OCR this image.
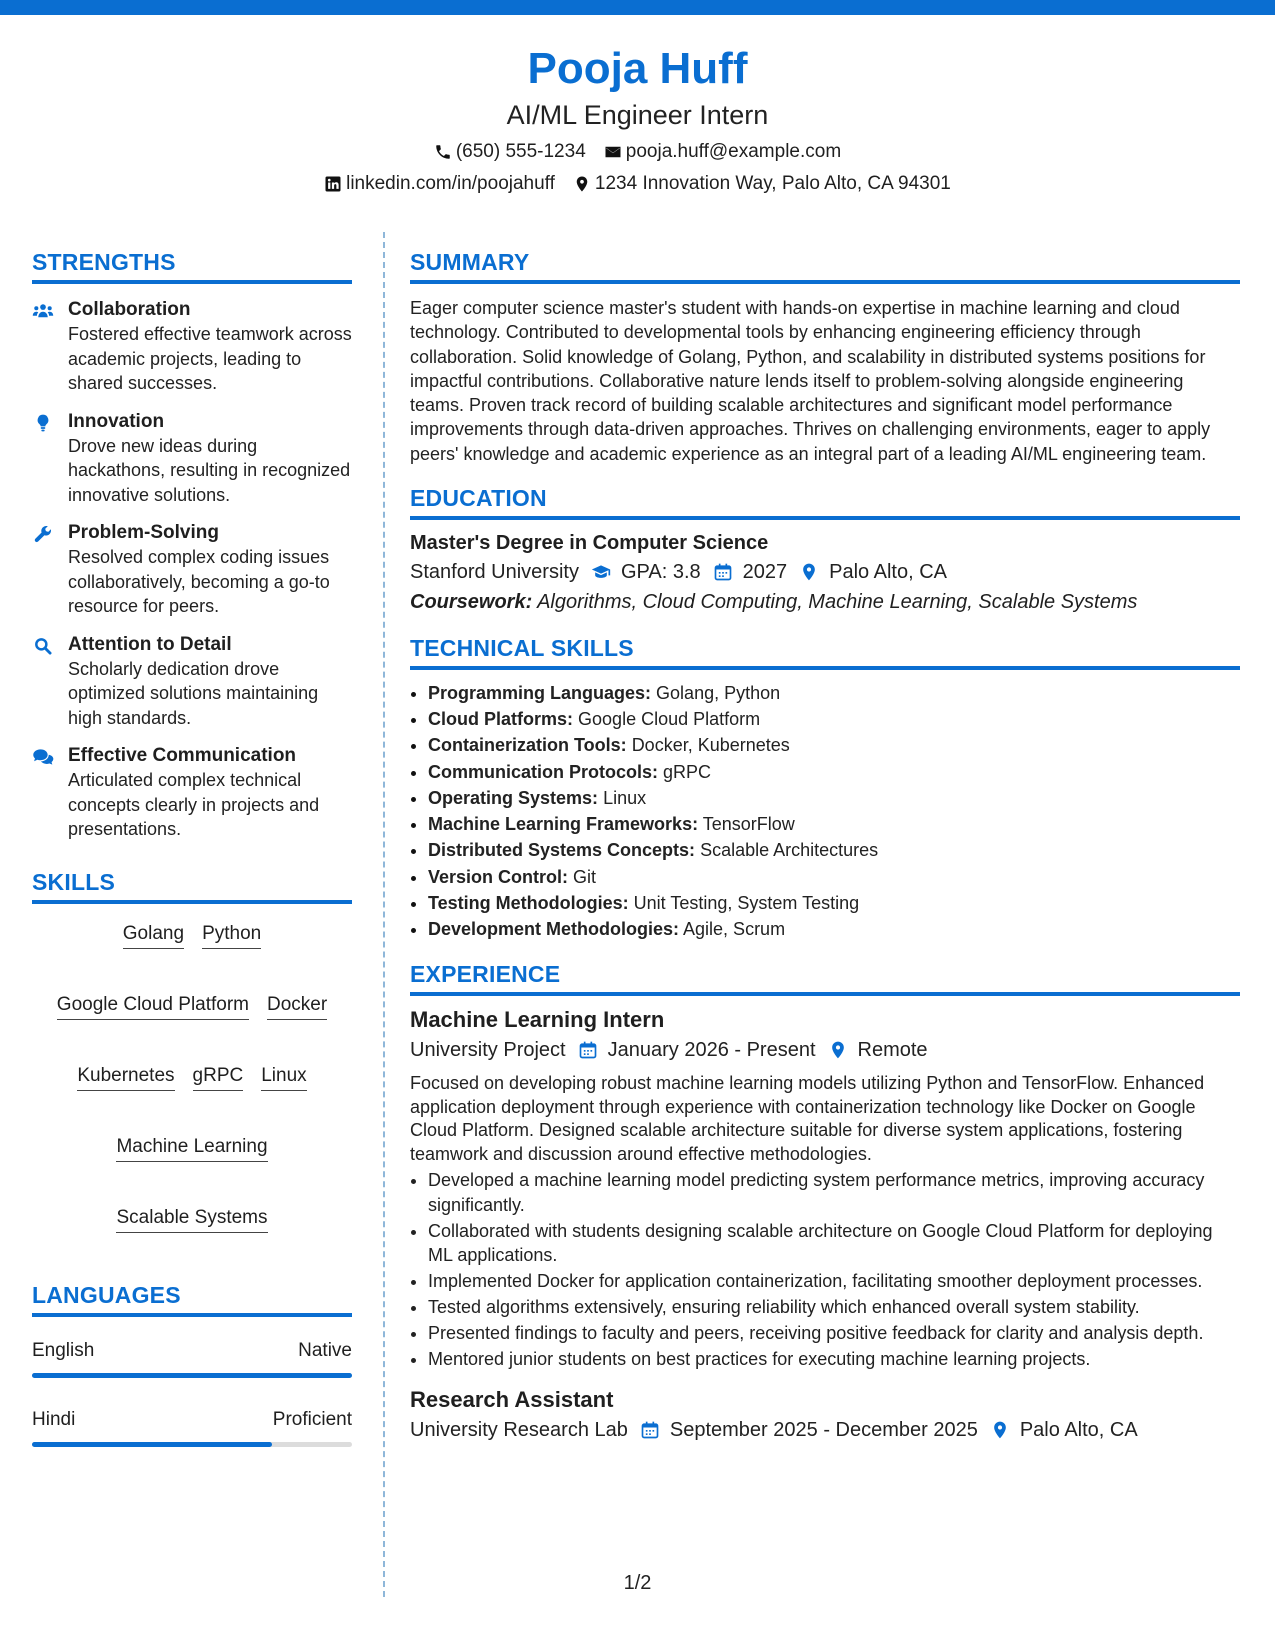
Pooja Huff
AI/ML Engineer Intern
(650) 555-1234 pooja.huff@example.com
linkedin.com/in/poojahuff 1234 Innovation Way, Palo Alto, CA 94301
STRENGTHS
Collaboration
Fostered effective teamwork across academic projects, leading to shared successes.
Innovation
Drove new ideas during hackathons, resulting in recognized innovative solutions.
Problem-Solving
Resolved complex coding issues collaboratively, becoming a go-to resource for peers.
Attention to Detail
Scholarly dedication drove optimized solutions maintaining high standards.
Effective Communication
Articulated complex technical concepts clearly in projects and presentations.
SKILLS
Golang Python
Google Cloud Platform Docker
Kubernetes gRPC Linux
Machine Learning
Scalable Systems
LANGUAGES
English	Native
Hindi	Proficient
SUMMARY
Eager computer science master's student with hands-on expertise in machine learning and cloud technology. Contributed to developmental tools by enhancing engineering efficiency through collaboration. Solid knowledge of Golang, Python, and scalability in distributed systems positions for impactful contributions. Collaborative nature lends itself to problem-solving alongside engineering teams. Proven track record of building scalable architectures and significant model performance improvements through data-driven approaches. Thrives on challenging environments, eager to apply peers' knowledge and academic experience as an integral part of a leading AI/ML engineering team.
EDUCATION
Master's Degree in Computer Science
Stanford University GPA: 3.8 2027 Palo Alto, CA
Coursework: Algorithms, Cloud Computing, Machine Learning, Scalable Systems
TECHNICAL SKILLS
• Programming Languages: Golang, Python
• Cloud Platforms: Google Cloud Platform
• Containerization Tools: Docker, Kubernetes
• Communication Protocols: gRPC
• Operating Systems: Linux
• Machine Learning Frameworks: TensorFlow
• Distributed Systems Concepts: Scalable Architectures
• Version Control: Git
• Testing Methodologies: Unit Testing, System Testing
• Development Methodologies: Agile, Scrum
EXPERIENCE
Machine Learning Intern
University Project January 2026 - Present Remote
Focused on developing robust machine learning models utilizing Python and TensorFlow. Enhanced application deployment through experience with containerization technology like Docker on Google Cloud Platform. Designed scalable architecture suitable for diverse system applications, fostering teamwork and discussion around effective methodologies.
• Developed a machine learning model predicting system performance metrics, improving accuracy significantly.
• Collaborated with students designing scalable architecture on Google Cloud Platform for deploying ML applications.
• Implemented Docker for application containerization, facilitating smoother deployment processes.
• Tested algorithms extensively, ensuring reliability which enhanced overall system stability.
• Presented findings to faculty and peers, receiving positive feedback for clarity and analysis depth.
• Mentored junior students on best practices for executing machine learning projects.
Research Assistant
University Research Lab September 2025 - December 2025 Palo Alto, CA
1/2
